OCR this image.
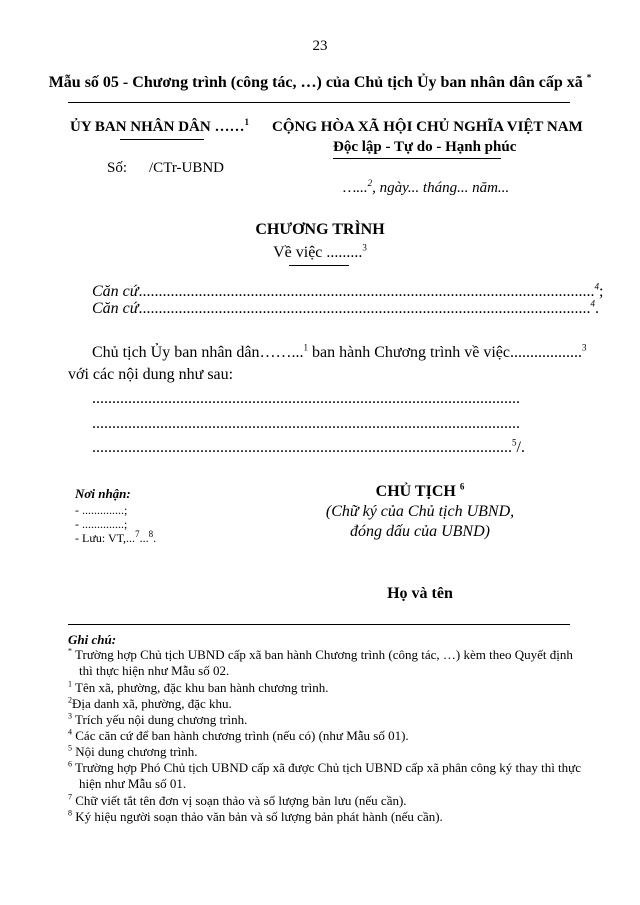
23
Mẫu số 05 - Chương trình (công tác, …) của Chủ tịch Ủy ban nhân dân cấp xã *
ỦY BAN NHÂN DÂN ……$^1$
Số: /CTr-UBND
CỘNG HÒA XÃ HỘI CHỦ NGHĨA VIỆT NAM
Độc lập - Tự do - Hạnh phúc
…...$^2$, ngày... tháng... năm...
CHƯƠNG TRÌNH
Về việc .........$^3$
Căn cứ..................................................................................................................$^4$;
Căn cứ.................................................................................................................$^4$.
Chủ tịch Ủy ban nhân dân……...$^1$ ban hành Chương trình về việc..................$^3$
với các nội dung như sau:
...........................................................................................................
...........................................................................................................
.........................................................................................................$^5$/.
Nơi nhận:
- ..............;
- ..............;
- Lưu: VT,...$^7$...$^8$.
CHỦ TỊCH $^6$
(Chữ ký của Chủ tịch UBND,
đóng dấu của UBND)
Họ và tên
Ghi chú:
* Trường hợp Chủ tịch UBND cấp xã ban hành Chương trình (công tác, …) kèm theo Quyết định
thì thực hiện như Mẫu số 02.
$^1$ Tên xã, phường, đặc khu ban hành chương trình.
$^2$Địa danh xã, phường, đặc khu.
$^3$ Trích yếu nội dung chương trình.
$^4$ Các căn cứ để ban hành chương trình (nếu có) (như Mẫu số 01).
$^5$ Nội dung chương trình.
$^6$ Trường hợp Phó Chủ tịch UBND cấp xã được Chủ tịch UBND cấp xã phân công ký thay thì thực
hiện như Mẫu số 01.
$^7$ Chữ viết tắt tên đơn vị soạn thảo và số lượng bản lưu (nếu cần).
$^8$ Ký hiệu người soạn thảo văn bản và số lượng bản phát hành (nếu cần).
